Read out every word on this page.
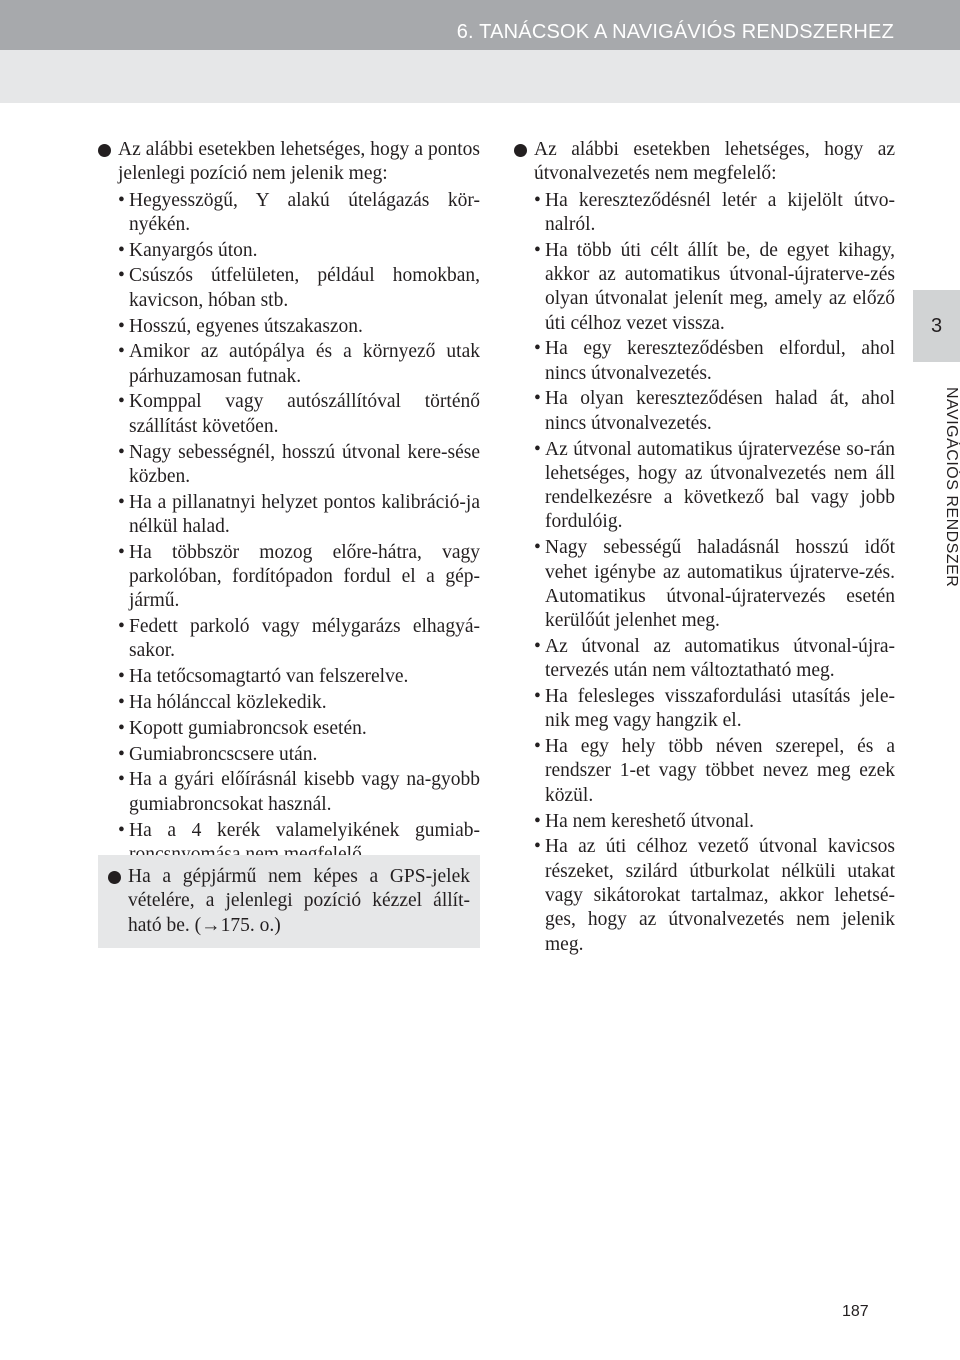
6. TANÁCSOK A NAVIGÁVIÓS RENDSZERHEZ
3
NAVIGÁCIÓS RENDSZER

Az alábbi esetekben lehetséges, hogy a pontos jelenlegi pozíció nem jelenik meg:

• Hegyesszögű, Y alakú útelágazás kör-nyékén.
• Kanyargós úton.
• Csúszós útfelületen, például homokban, kavicson, hóban stb.
• Hosszú, egyenes útszakaszon.
• Amikor az autópálya és a környező utak párhuzamosan futnak.
• Komppal vagy autószállítóval történő szállítást követően.
• Nagy sebességnél, hosszú útvonal kere-sése közben.
• Ha a pillanatnyi helyzet pontos kalibráció-ja nélkül halad.
• Ha többször mozog előre-hátra, vagy parkolóban, fordítópadon fordul el a gép-jármű.
• Fedett parkoló vagy mélygarázs elhagyá-sakor.
• Ha tetőcsomagtartó van felszerelve.
• Ha hólánccal közlekedik.
• Kopott gumiabroncsok esetén.
• Gumiabroncscsere után.
• Ha a gyári előírásnál kisebb vagy na-gyobb gumiabroncsokat használ.
• Ha a 4 kerék valamelyikének gumiab-

Ha a gépjármű nem képes a GPS-jelek vételére, a jelenlegi pozíció kézzel állít-ható be. (→175. o.)

Az alábbi esetekben lehetséges, hogy az útvonalvezetés nem megfelelő:

• Ha kereszteződésnél letér a kijelölt útvo-nalról.
• Ha több úti célt állít be, de egyet kihagy, akkor az automatikus útvonal-újraterve-zés olyan útvonalat jelenít meg, amely az előző úti célhoz vezet vissza.
• Ha egy kereszteződésben elfordul, ahol nincs útvonalvezetés.
• Ha olyan kereszteződésen halad át, ahol nincs útvonalvezetés.
• Az útvonal automatikus újratervezése so-rán lehetséges, hogy az útvonalvezetés nem áll rendelkezésre a következő bal vagy jobb fordulóig.
• Nagy sebességű haladásnál hosszú időt vehet igénybe az automatikus újraterve-zés. Automatikus útvonal-újratervezés esetén kerülőút jelenhet meg.
• Az útvonal az automatikus útvonal-újra-tervezés után nem változtatható meg.
• Ha felesleges visszafordulási utasítás jele-nik meg vagy hangzik el.
• Ha egy hely több néven szerepel, és a rendszer 1-et vagy többet nevez meg ezek közül.
• Ha nem kereshető útvonal.
• Ha az úti célhoz vezető útvonal kavicsos részeket, szilárd útburkolat nélküli utakat vagy sikátorokat tartalmaz, akkor lehetsé-ges, hogy az útvonalvezetés nem jelenik meg.
187
